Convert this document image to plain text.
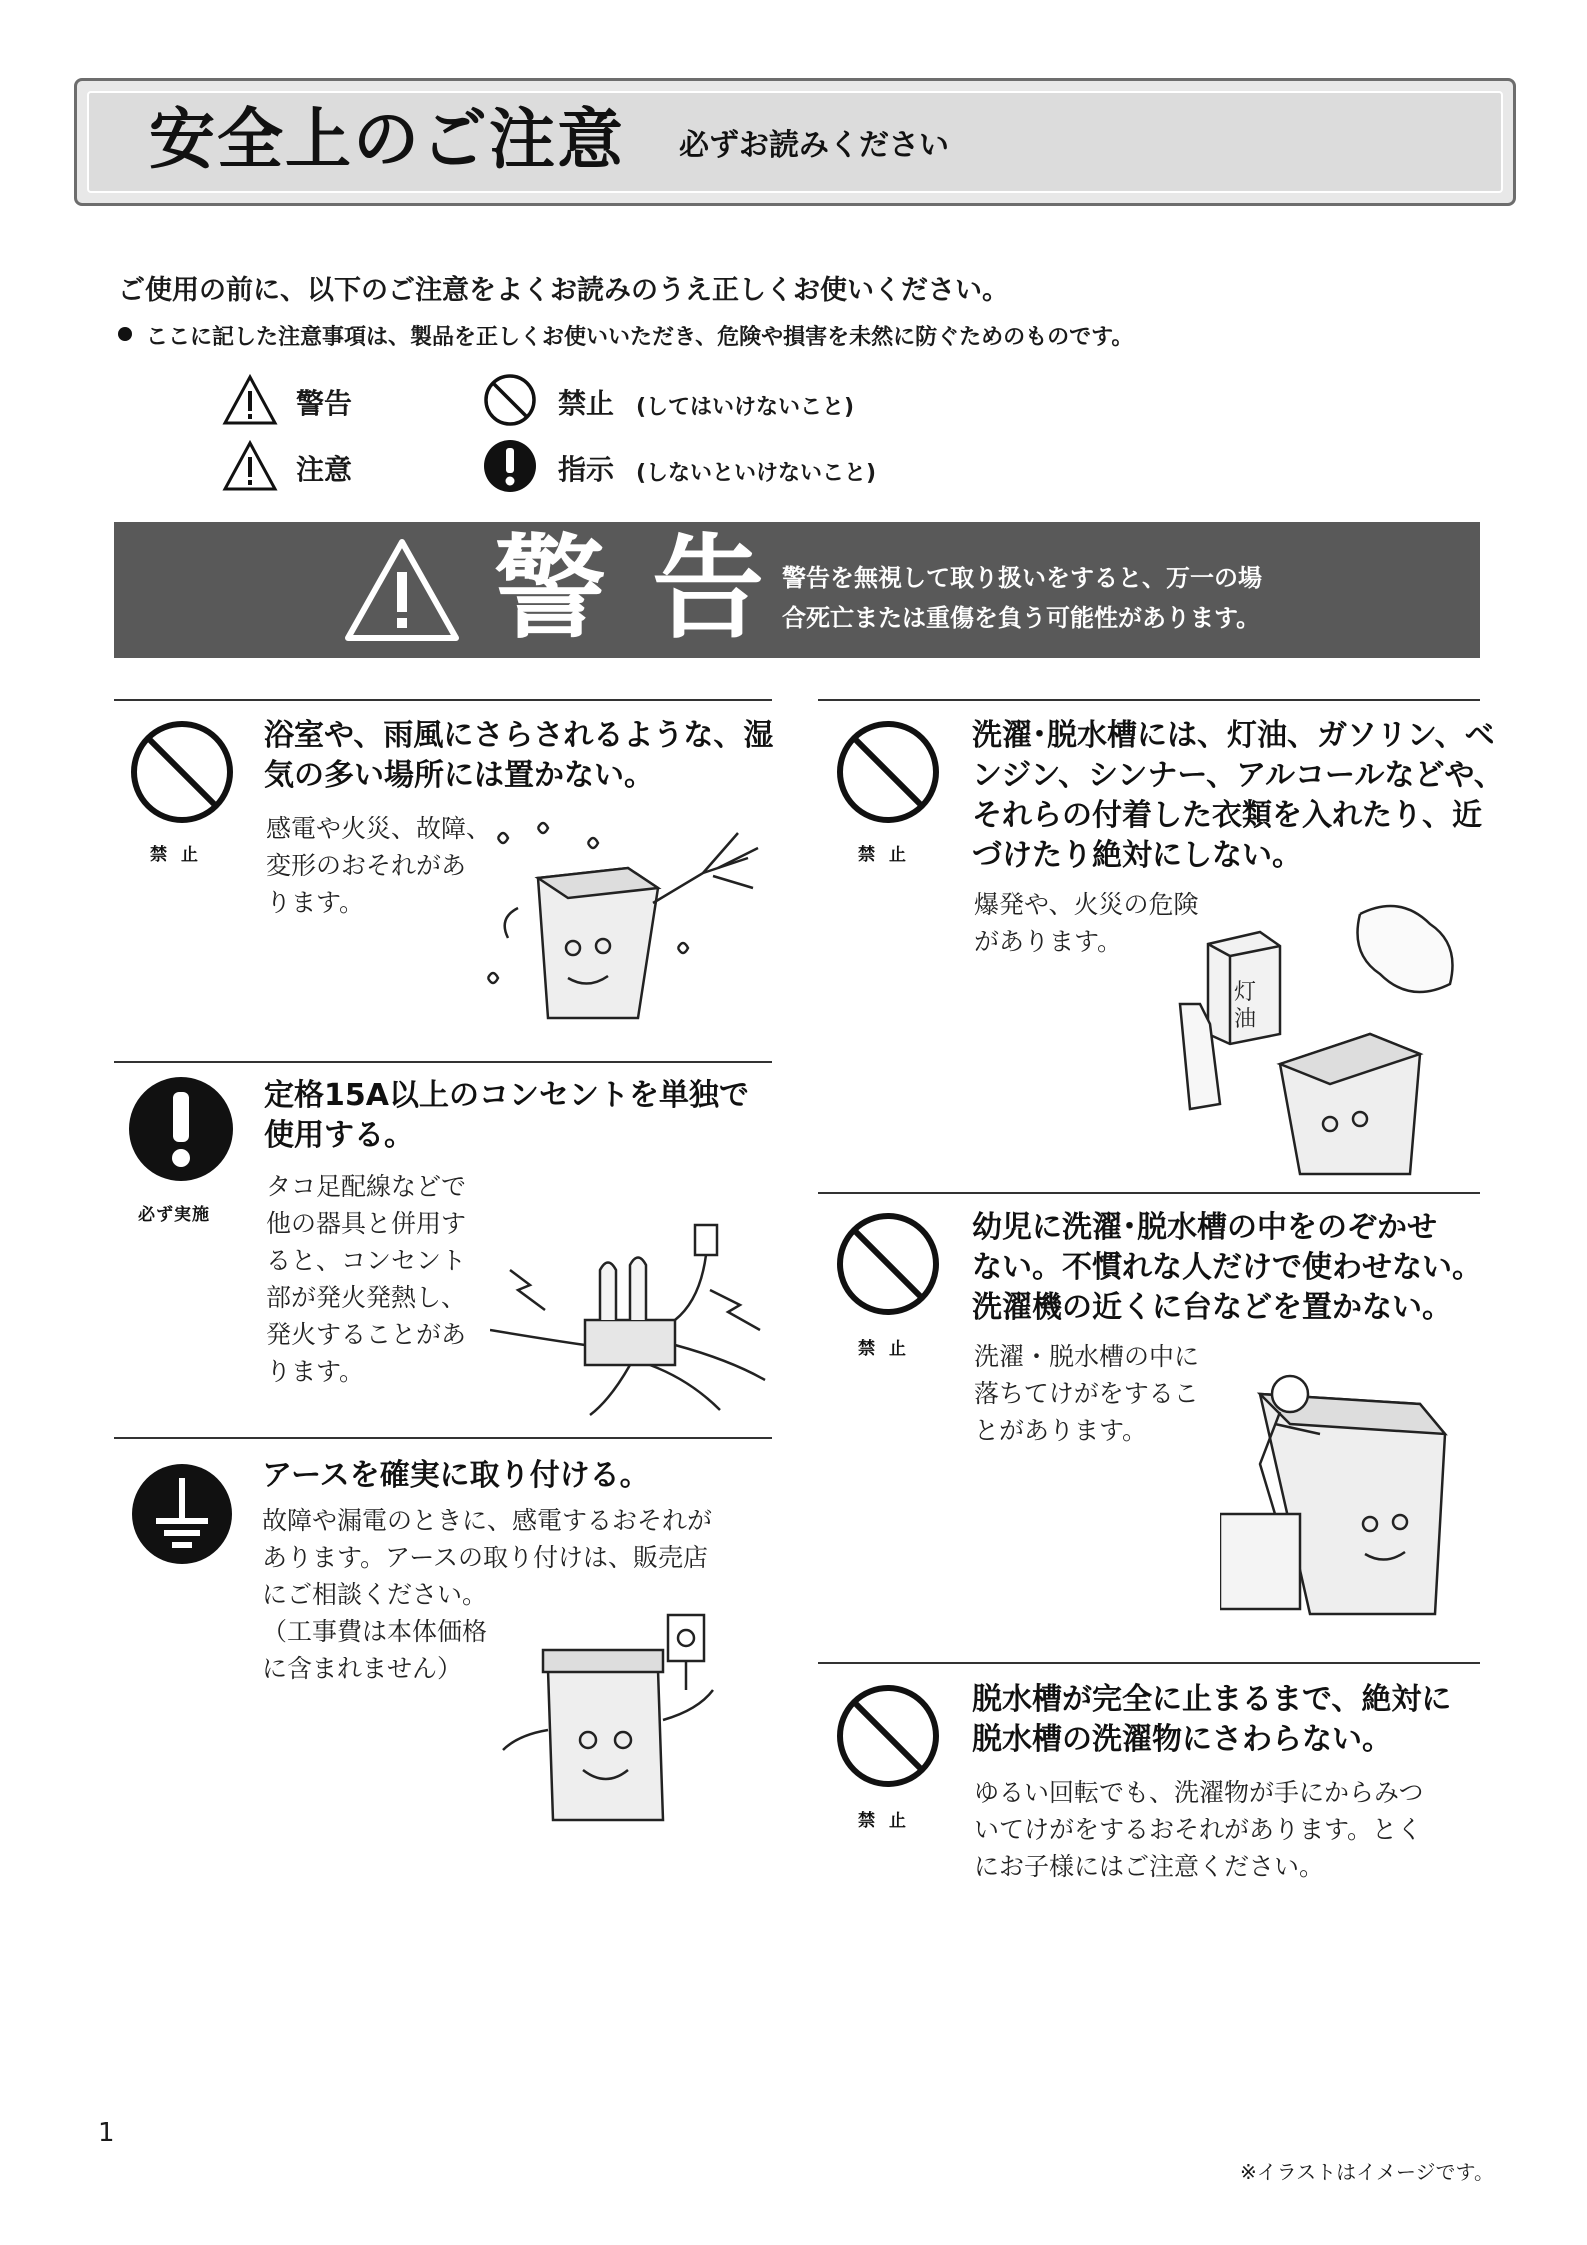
安全上のご注意 必ずお読みください
ご使用の前に、以下のご注意をよくお読みのうえ正しくお使いください。
ここに記した注意事項は、製品を正しくお使いいただき、危険や損害を未然に防ぐためのものです。
警告
注意
禁止 (してはいけないこと)
指示 (しないといけないこと)
警告
警告を無視して取り扱いをすると、万一の場
合死亡または重傷を負う可能性があります。
禁止
浴室や、雨風にさらされるような、湿
気の多い場所には置かない。
感電や火災、故障、
変形のおそれがあ
ります。
必ず実施
定格15A以上のコンセントを単独で
使用する。
タコ足配線などで
他の器具と併用す
ると、コンセント
部が発火発熱し、
発火することがあ
ります。
アースを確実に取り付ける。
故障や漏電のときに、感電するおそれが
あります。アースの取り付けは、販売店
にご相談ください。
（工事費は本体価格
に含まれません）
禁止
洗濯･脱水槽には、灯油、ガソリン、ベ
ンジン、シンナー、アルコールなどや、
それらの付着した衣類を入れたり、近
づけたり絶対にしない。
爆発や、火災の危険
があります。
灯
油
禁止
幼児に洗濯･脱水槽の中をのぞかせ
ない。不慣れな人だけで使わせない。
洗濯機の近くに台などを置かない。
洗濯・脱水槽の中に
落ちてけがをするこ
とがあります。
禁止
脱水槽が完全に止まるまで、絶対に
脱水槽の洗濯物にさわらない。
ゆるい回転でも、洗濯物が手にからみつ
いてけがをするおそれがあります。とく
にお子様にはご注意ください。
1
※イラストはイメージです。
